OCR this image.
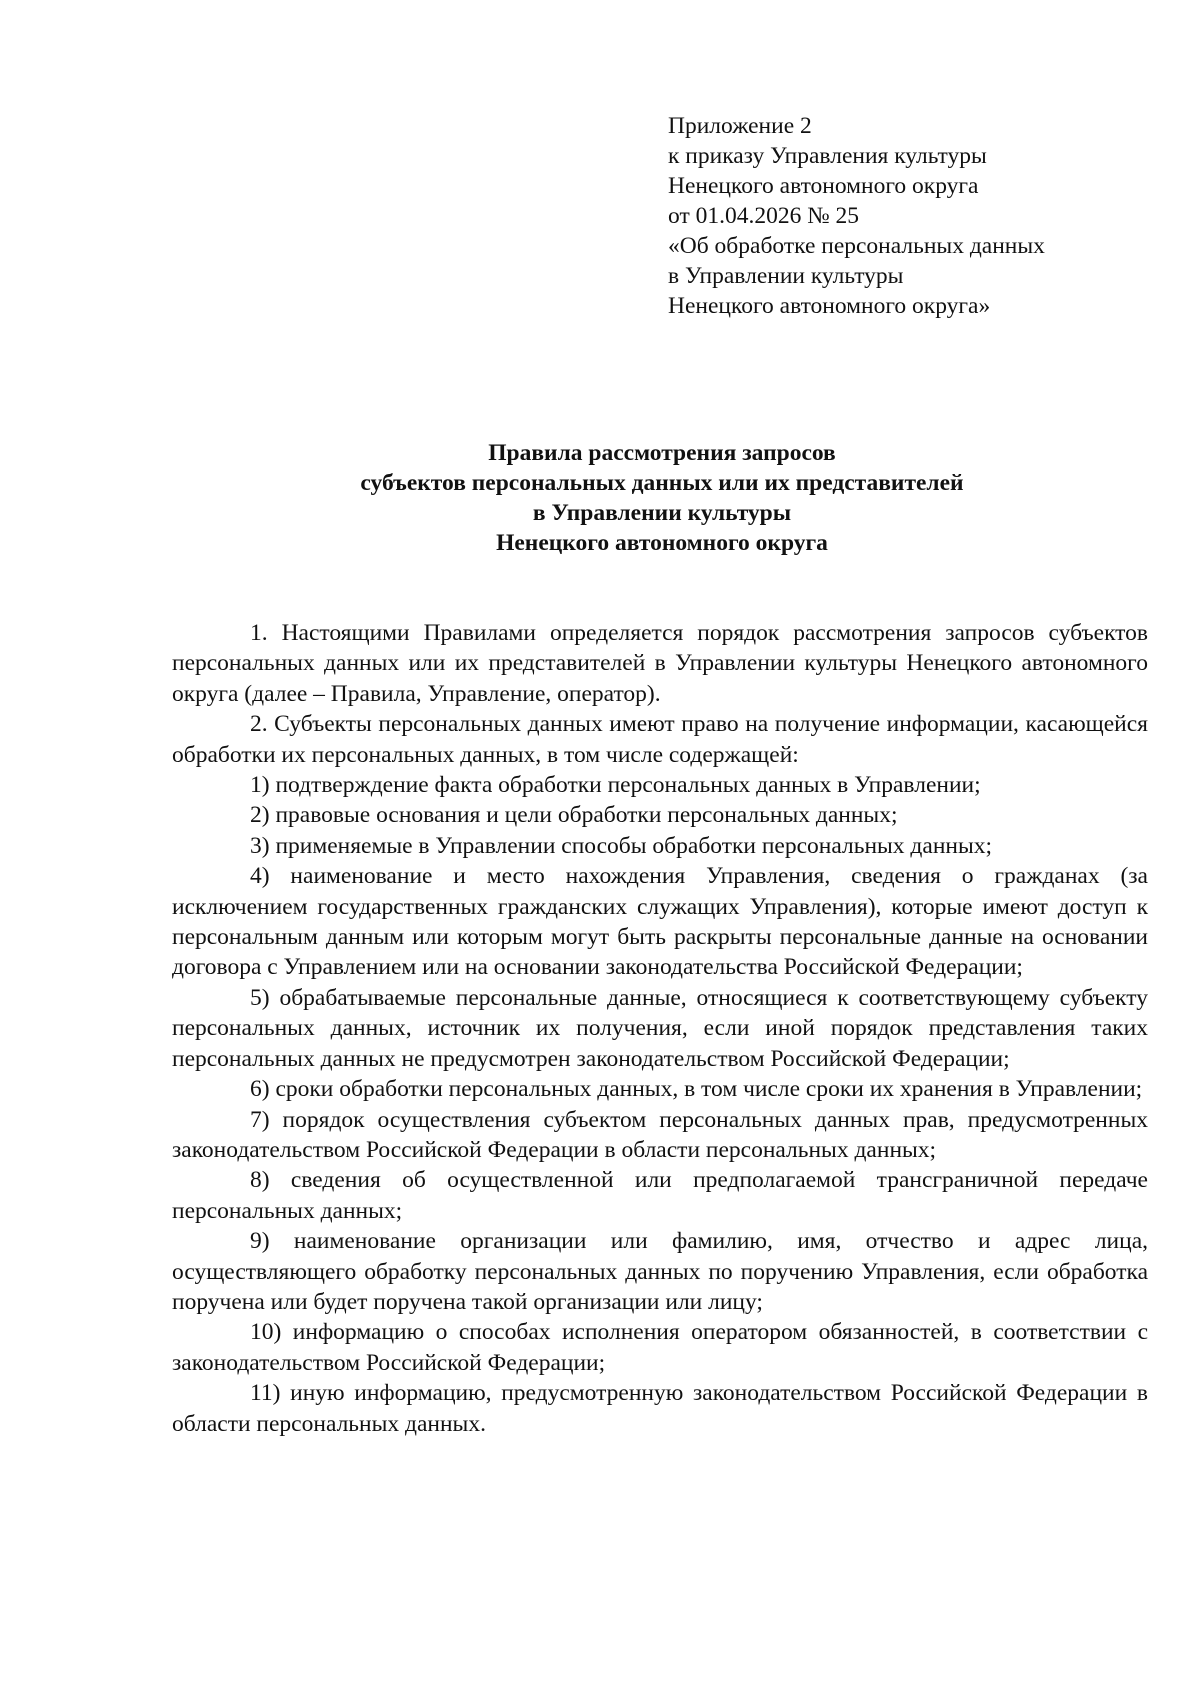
Приложение 2
к приказу Управления культуры
Ненецкого автономного округа
от 01.04.2026 № 25
«Об обработке персональных данных
в Управлении культуры
Ненецкого автономного округа»
Правила рассмотрения запросов
субъектов персональных данных или их представителей
в Управлении культуры
Ненецкого автономного округа

1. Настоящими Правилами определяется порядок рассмотрения запросов субъектов персональных данных или их представителей в Управлении культуры Ненецкого автономного округа (далее – Правила, Управление, оператор).

2. Субъекты персональных данных имеют право на получение информации, касающейся обработки их персональных данных, в том числе содержащей:

1) подтверждение факта обработки персональных данных в Управлении;

2) правовые основания и цели обработки персональных данных;

3) применяемые в Управлении способы обработки персональных данных;

4) наименование и место нахождения Управления, сведения о гражданах (за исключением государственных гражданских служащих Управления), которые имеют доступ к персональным данным или которым могут быть раскрыты персональные данные на основании договора с Управлением или на основании законодательства Российской Федерации;

5) обрабатываемые персональные данные, относящиеся к соответствующему субъекту персональных данных, источник их получения, если иной порядок представления таких персональных данных не предусмотрен законодательством Российской Федерации;

6) сроки обработки персональных данных, в том числе сроки их хранения в Управлении;

7) порядок осуществления субъектом персональных данных прав, предусмотренных законодательством Российской Федерации в области персональных данных;

8) сведения об осуществленной или предполагаемой трансграничной передаче персональных данных;

9) наименование организации или фамилию, имя, отчество и адрес лица, осуществляющего обработку персональных данных по поручению Управления, если обработка поручена или будет поручена такой организации или лицу;

10) информацию о способах исполнения оператором обязанностей, в соответствии с законодательством Российской Федерации;

11) иную информацию, предусмотренную законодательством Российской Федерации в области персональных данных.
